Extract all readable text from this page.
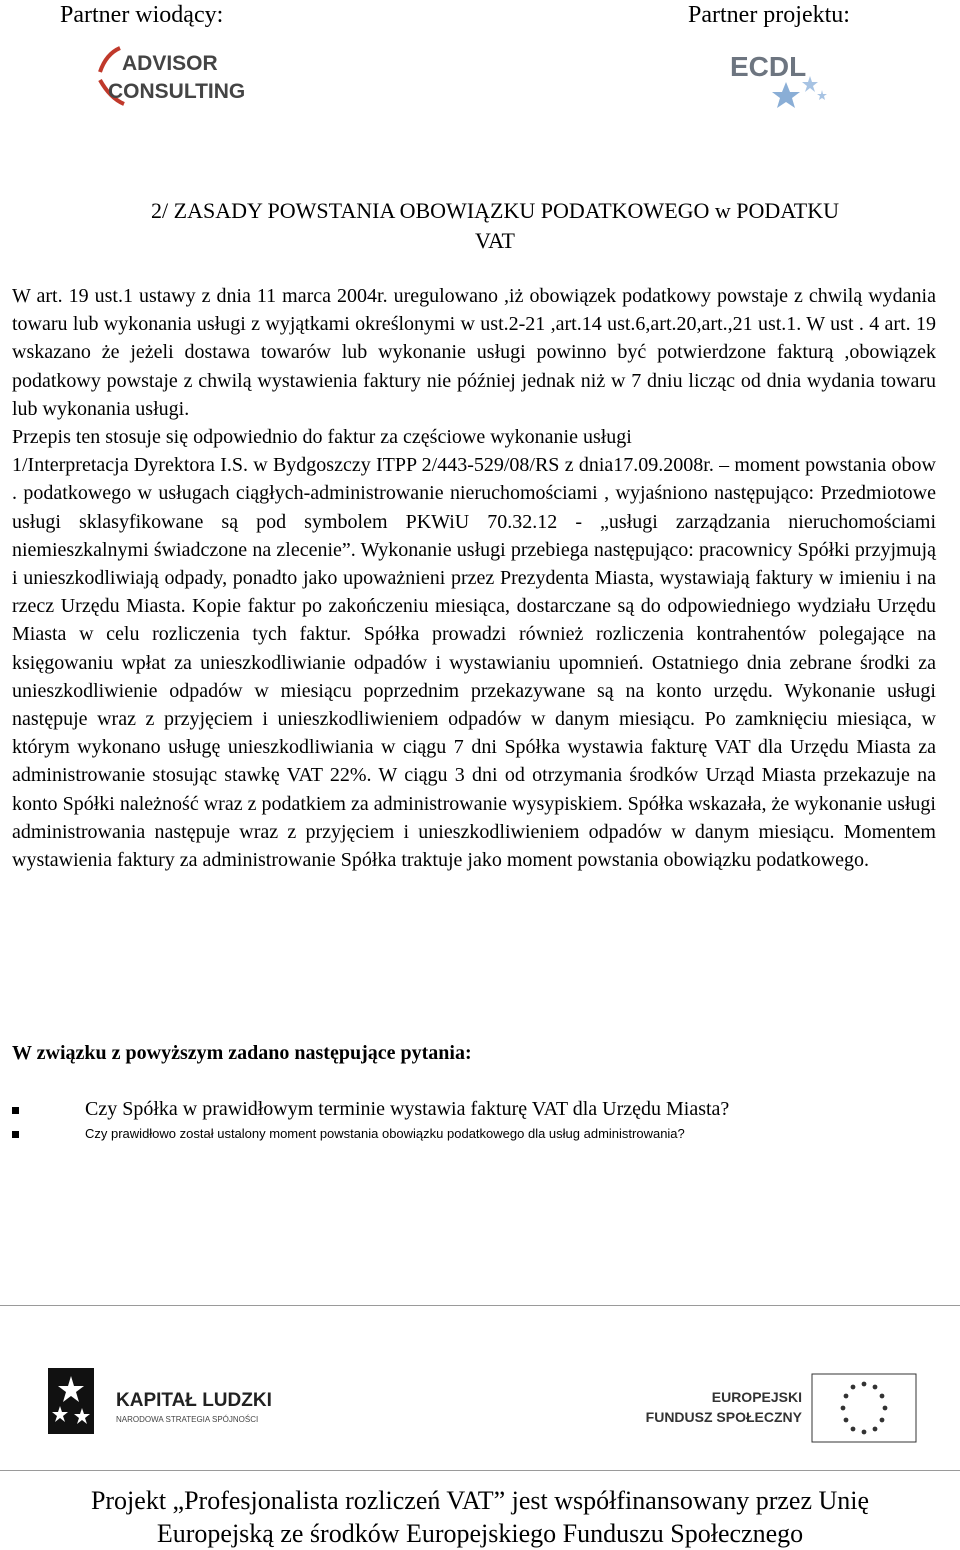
Partner wiodący:	Partner projektu:
ADVISOR
CONSULTING
ECDL
2/ ZASADY POWSTANIA OBOWIĄZKU PODATKOWEGO w PODATKU
VAT

W art. 19 ust.1 ustawy z dnia 11 marca 2004r. uregulowano ,iż obowiązek podatkowy powstaje z chwilą wydania towaru lub wykonania usługi z wyjątkami określonymi w ust.2-21 ,art.14 ust.6,art.20,art.,21 ust.1. W ust . 4 art. 19 wskazano że jeżeli dostawa towarów lub wykonanie usługi powinno być potwierdzone fakturą ,obowiązek podatkowy powstaje z chwilą wystawienia faktury nie później jednak niż w 7 dniu licząc od dnia wydania towaru lub wykonania usługi.

Przepis ten stosuje się odpowiednio do faktur za częściowe wykonanie usługi

1/Interpretacja Dyrektora I.S. w Bydgoszczy ITPP 2/443-529/08/RS z dnia17.09.2008r. – moment powstania obow . podatkowego w usługach ciągłych-administrowanie nieruchomościami , wyjaśniono następująco: Przedmiotowe usługi sklasyfikowane są pod symbolem PKWiU 70.32.12 - „usługi zarządzania nieruchomościami niemieszkalnymi świadczone na zlecenie”. Wykonanie usługi przebiega następująco: pracownicy Spółki przyjmują i unieszkodliwiają odpady, ponadto jako upoważnieni przez Prezydenta Miasta, wystawiają faktury w imieniu i na rzecz Urzędu Miasta. Kopie faktur po zakończeniu miesiąca, dostarczane są do odpowiedniego wydziału Urzędu Miasta w celu rozliczenia tych faktur. Spółka prowadzi również rozliczenia kontrahentów polegające na księgowaniu wpłat za unieszkodliwianie odpadów i wystawianiu upomnień. Ostatniego dnia zebrane środki za unieszkodliwienie odpadów w miesiącu poprzednim przekazywane są na konto urzędu. Wykonanie usługi następuje wraz z przyjęciem i unieszkodliwieniem odpadów w danym miesiącu. Po zamknięciu miesiąca, w którym wykonano usługę unieszkodliwiania w ciągu 7 dni Spółka wystawia fakturę VAT dla Urzędu Miasta za administrowanie stosując stawkę VAT 22%. W ciągu 3 dni od otrzymania środków Urząd Miasta przekazuje na konto Spółki należność wraz z podatkiem za administrowanie wysypiskiem. Spółka wskazała, że wykonanie usługi administrowania następuje wraz z przyjęciem i unieszkodliwieniem odpadów w danym miesiącu. Momentem wystawienia faktury za administrowanie Spółka traktuje jako moment powstania obowiązku podatkowego.

W związku z powyższym zadano następujące pytania:
Czy Spółka w prawidłowym terminie wystawia fakturę VAT dla Urzędu Miasta?
Czy prawidłowo został ustalony moment powstania obowiązku podatkowego dla usług administrowania?
KAPITAŁ LUDZKI
NARODOWA STRATEGIA SPÓJNOŚCI
EUROPEJSKI
FUNDUSZ SPOŁECZNY
Projekt „Profesjonalista rozliczeń VAT” jest współfinansowany przez Unię
Europejską ze środków Europejskiego Funduszu Społecznego
